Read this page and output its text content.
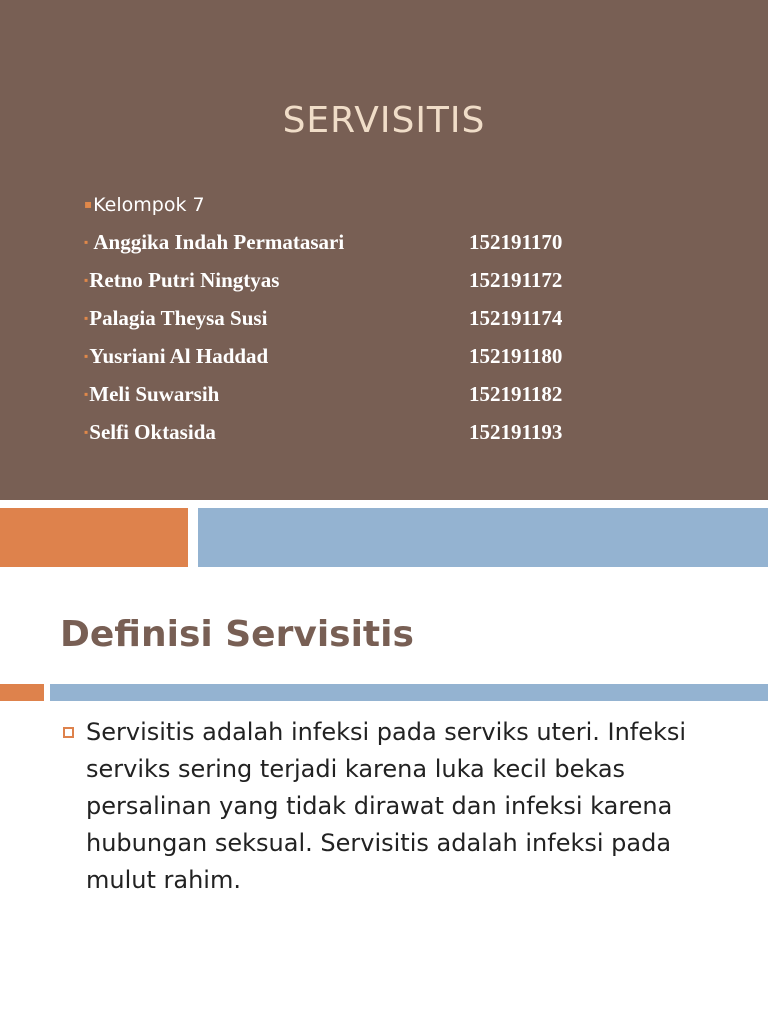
SERVISITIS
▪Kelompok 7
▪ Anggika Indah Permatasari	152191170
▪Retno Putri Ningtyas	152191172
▪Palagia Theysa Susi	152191174
▪Yusriani Al Haddad	152191180
▪Meli Suwarsih	152191182
▪Selfi Oktasida	152191193
Definisi Servisitis
Servisitis adalah infeksi pada serviks uteri. Infeksi serviks sering terjadi karena luka kecil bekas persalinan yang tidak dirawat dan infeksi karena hubungan seksual. Servisitis adalah infeksi pada mulut rahim.
